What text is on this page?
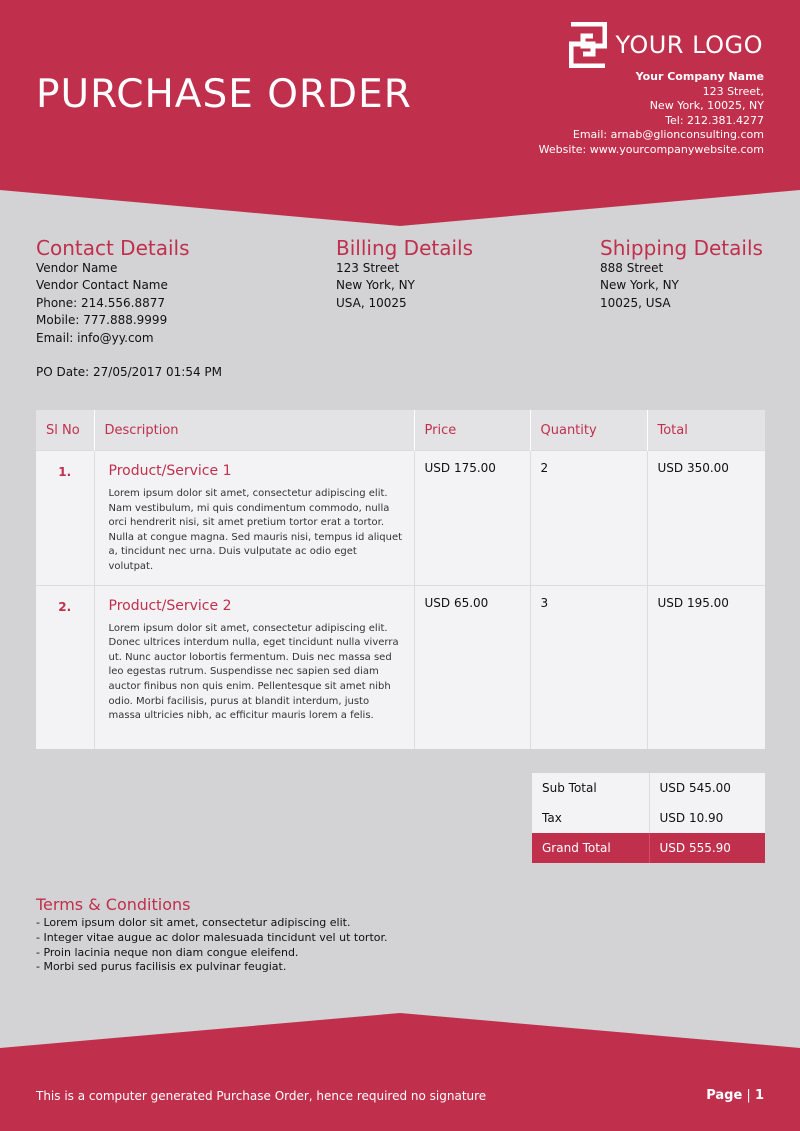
PURCHASE ORDER
YOUR LOGO
Your Company Name
123 Street,
New York, 10025, NY
Tel: 212.381.4277
Email: arnab@glionconsulting.com
Website: www.yourcompanywebsite.com
Contact Details
Vendor Name
Vendor Contact Name
Phone: 214.556.8877
Mobile: 777.888.9999
Email: info@yy.com
Billing Details
123 Street
New York, NY
USA, 10025
Shipping Details
888 Street
New York, NY
10025, USA
PO Date: 27/05/2017 01:54 PM
Sl No	Description	Price	Quantity	Total
1.	Product/Service 1

Lorem ipsum dolor sit amet, consectetur adipiscing elit. Nam vestibulum, mi quis condimentum commodo, nulla orci hendrerit nisi, sit amet pretium tortor erat a tortor. Nulla at congue magna. Sed mauris nisi, tempus id aliquet a, tincidunt nec urna. Duis vulputate ac odio eget volutpat.	USD 175.00	2	USD 350.00
2.	Product/Service 2

Lorem ipsum dolor sit amet, consectetur adipiscing elit. Donec ultrices interdum nulla, eget tincidunt nulla viverra ut. Nunc auctor lobortis fermentum. Duis nec massa sed leo egestas rutrum. Suspendisse nec sapien sed diam auctor finibus non quis enim. Pellentesque sit amet nibh odio. Morbi facilisis, purus at blandit interdum, justo massa ultricies nibh, ac efficitur mauris lorem a felis.	USD 65.00	3	USD 195.00
Sub Total	USD 545.00
Tax	USD 10.90
Grand Total	USD 555.90
Terms & Conditions
- Lorem ipsum dolor sit amet, consectetur adipiscing elit.
- Integer vitae augue ac dolor malesuada tincidunt vel ut tortor.
- Proin lacinia neque non diam congue eleifend.
- Morbi sed purus facilisis ex pulvinar feugiat.
This is a computer generated Purchase Order, hence required no signature	Page | 1
